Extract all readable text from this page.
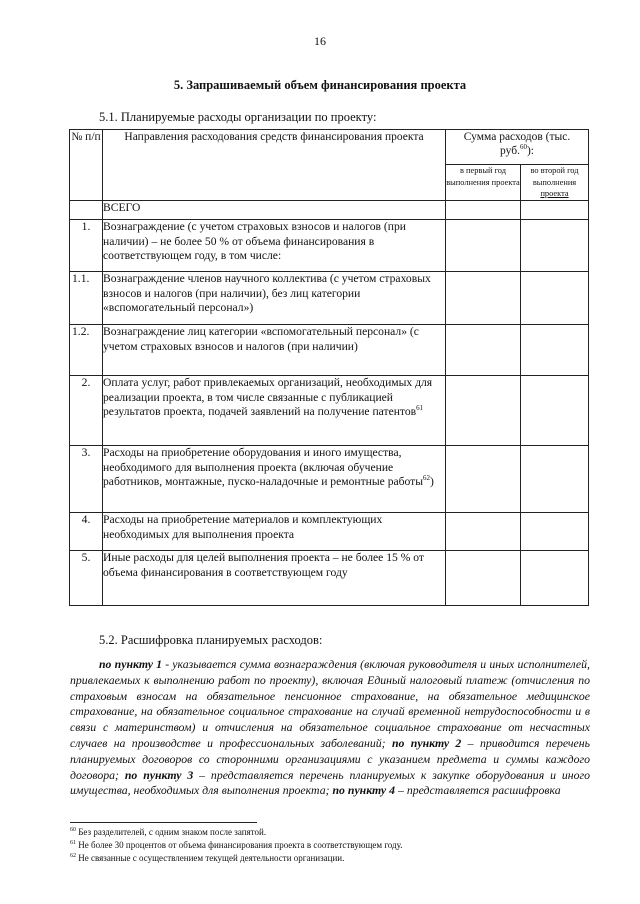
16
5. Запрашиваемый объем финансирования проекта
5.1. Планируемые расходы организации по проекту:
№ п/п	Направления расходования средств финансирования проекта	Сумма расходов (тыс. руб.$^{60}$):	
		в первый год выполнения проекта	во второй год выполнения
проекта
	ВСЕГО		
1.	Вознаграждение (с учетом страховых взносов и налогов (при наличии) – не более 50 % от объема финансирования в соответствующем году, в том числе:		
1.1.	Вознаграждение членов научного коллектива (с учетом страховых взносов и налогов (при наличии), без лиц категории «вспомогательный персонал»)		
1.2.	Вознаграждение лиц категории «вспомогательный персонал» (с учетом страховых взносов и налогов (при наличии)		
2.	Оплата услуг, работ привлекаемых организаций, необходимых для реализации проекта, в том числе связанные с публикацией результатов проекта, подачей заявлений на получение патентов$^{61}$		
3.	Расходы на приобретение оборудования и иного имущества, необходимого для выполнения проекта (включая обучение работников, монтажные, пуско-наладочные и ремонтные работы$^{62}$)		
4.	Расходы на приобретение материалов и комплектующих необходимых для выполнения проекта		
5.	Иные расходы для целей выполнения проекта – не более 15 % от объема финансирования в соответствующем году		
5.2. Расшифровка планируемых расходов:
по пункту 1 - указывается сумма вознаграждения (включая руководителя и иных исполнителей, привлекаемых к выполнению работ по проекту), включая Единый налоговый платеж (отчисления по страховым взносам на обязательное пенсионное страхование, на обязательное медицинское страхование, на обязательное социальное страхование на случай временной нетрудоспособности и в связи с материнством) и отчисления на обязательное социальное страхование от несчастных случаев на производстве и профессиональных заболеваний; по пункту 2 – приводится перечень планируемых договоров со сторонними организациями с указанием предмета и суммы каждого договора; по пункту 3 – представляется перечень планируемых к закупке оборудования и иного имущества, необходимых для выполнения проекта; по пункту 4 – представляется расшифровка
$^{60}$ Без разделителей, с одним знаком после запятой.
$^{61}$ Не более 30 процентов от объема финансирования проекта в соответствующем году.
$^{62}$ Не связанные с осуществлением текущей деятельности организации.
